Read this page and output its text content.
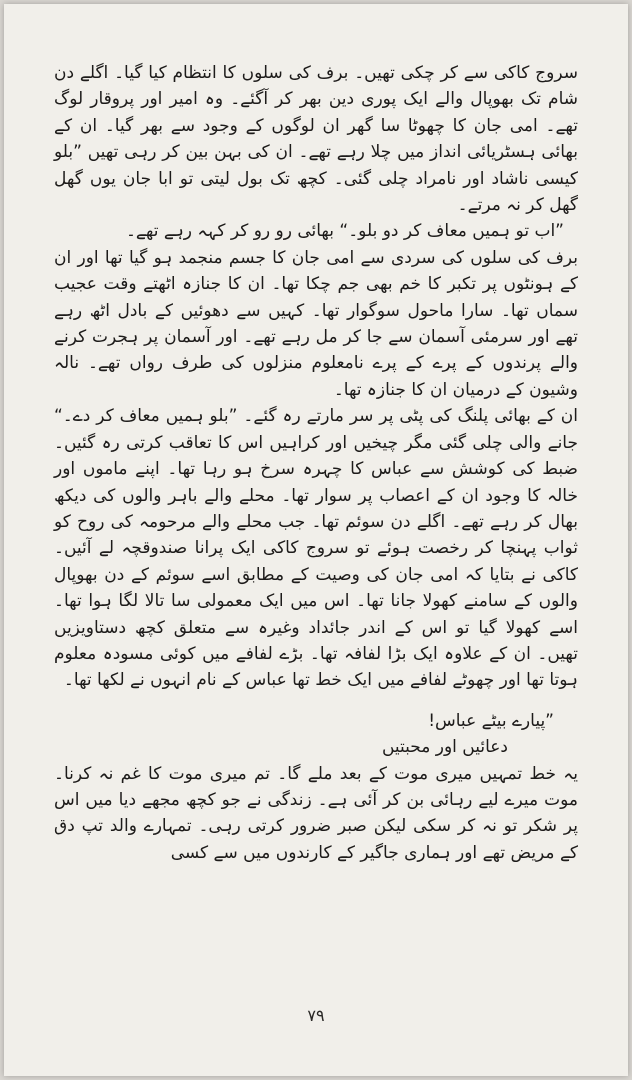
سروج کاکی سے کر چکی تھیں۔ برف کی سلوں کا انتظام کیا گیا۔ اگلے دن شام تک بھوپال والے ایک پوری دین بھر کر آگئے۔ وہ امیر اور پروقار لوگ تھے۔ امی جان کا چھوٹا سا گھر ان لوگوں کے وجود سے بھر گیا۔ ان کے بھائی ہسٹریائی انداز میں چلا رہے تھے۔ ان کی بہن بین کر رہی تھیں ”بلو کیسی ناشاد اور نامراد چلی گئی۔ کچھ تک بول لیتی تو ابا جان یوں گھل گھل کر نہ مرتے۔

”اب تو ہمیں معاف کر دو بلو۔“ بھائی رو رو کر کہہ رہے تھے۔

برف کی سلوں کی سردی سے امی جان کا جسم منجمد ہو گیا تھا اور ان کے ہونٹوں پر تکبر کا خم بھی جم چکا تھا۔ ان کا جنازہ اٹھتے وقت عجیب سماں تھا۔ سارا ماحول سوگوار تھا۔ کہیں سے دھوئیں کے بادل اٹھ رہے تھے اور سرمئی آسمان سے جا کر مل رہے تھے۔ اور آسمان پر ہجرت کرنے والے پرندوں کے پرے کے پرے نامعلوم منزلوں کی طرف رواں تھے۔ نالہ وشیون کے درمیان ان کا جنازہ تھا۔

ان کے بھائی پلنگ کی پٹی پر سر مارتے رہ گئے۔ ”بلو ہمیں معاف کر دے۔“ جانے والی چلی گئی مگر چیخیں اور کراہیں اس کا تعاقب کرتی رہ گئیں۔ ضبط کی کوشش سے عباس کا چہرہ سرخ ہو رہا تھا۔ اپنے ماموں اور خالہ کا وجود ان کے اعصاب پر سوار تھا۔ محلے والے باہر والوں کی دیکھ بھال کر رہے تھے۔ اگلے دن سوئم تھا۔ جب محلے والے مرحومہ کی روح کو ثواب پہنچا کر رخصت ہوئے تو سروج کاکی ایک پرانا صندوقچہ لے آئیں۔ کاکی نے بتایا کہ امی جان کی وصیت کے مطابق اسے سوئم کے دن بھوپال والوں کے سامنے کھولا جانا تھا۔ اس میں ایک معمولی سا تالا لگا ہوا تھا۔ اسے کھولا گیا تو اس کے اندر جائداد وغیرہ سے متعلق کچھ دستاویزیں تھیں۔ ان کے علاوہ ایک بڑا لفافہ تھا۔ بڑے لفافے میں کوئی مسودہ معلوم ہوتا تھا اور چھوٹے لفافے میں ایک خط تھا عباس کے نام انہوں نے لکھا تھا۔

”پیارے بیٹے عباس!

دعائیں اور محبتیں

یہ خط تمہیں میری موت کے بعد ملے گا۔ تم میری موت کا غم نہ کرنا۔ موت میرے لیے رہائی بن کر آئی ہے۔ زندگی نے جو کچھ مجھے دیا میں اس پر شکر تو نہ کر سکی لیکن صبر ضرور کرتی رہی۔ تمہارے والد تپ دق کے مریض تھے اور ہماری جاگیر کے کارندوں میں سے کسی

۷۹
